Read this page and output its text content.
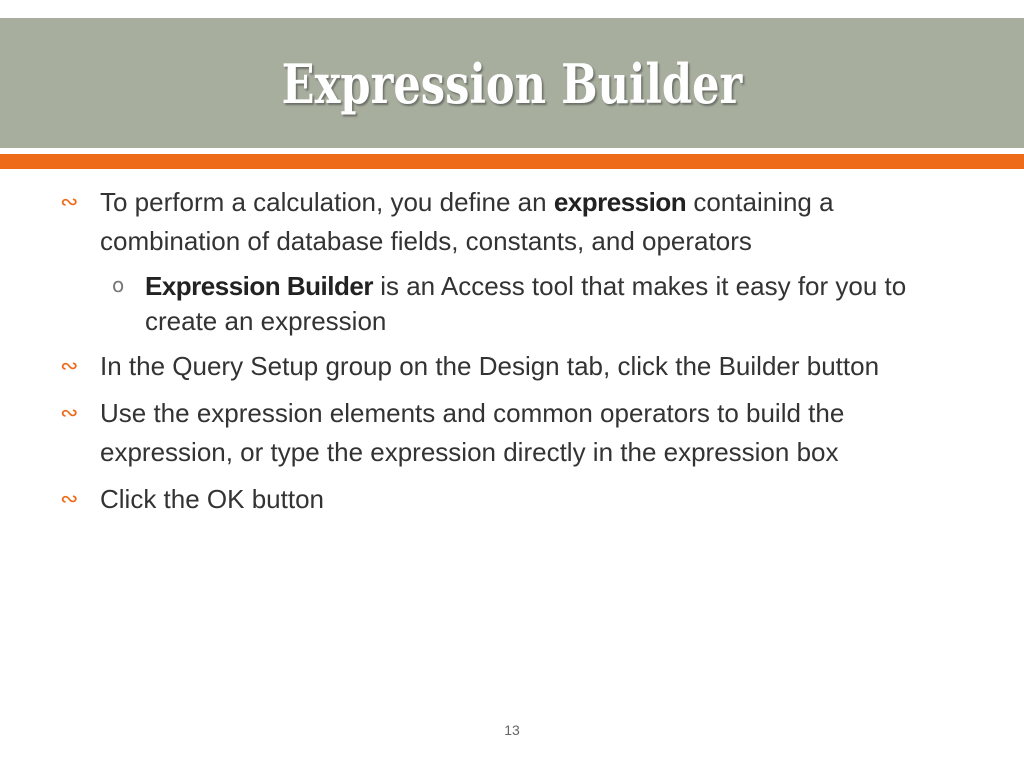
Expression Builder
∾ To perform a calculation, you define an expression containing a combination of database fields, constants, and operators
o Expression Builder is an Access tool that makes it easy for you to create an expression
∾ In the Query Setup group on the Design tab, click the Builder button
∾ Use the expression elements and common operators to build the expression, or type the expression directly in the expression box
∾ Click the OK button
13
